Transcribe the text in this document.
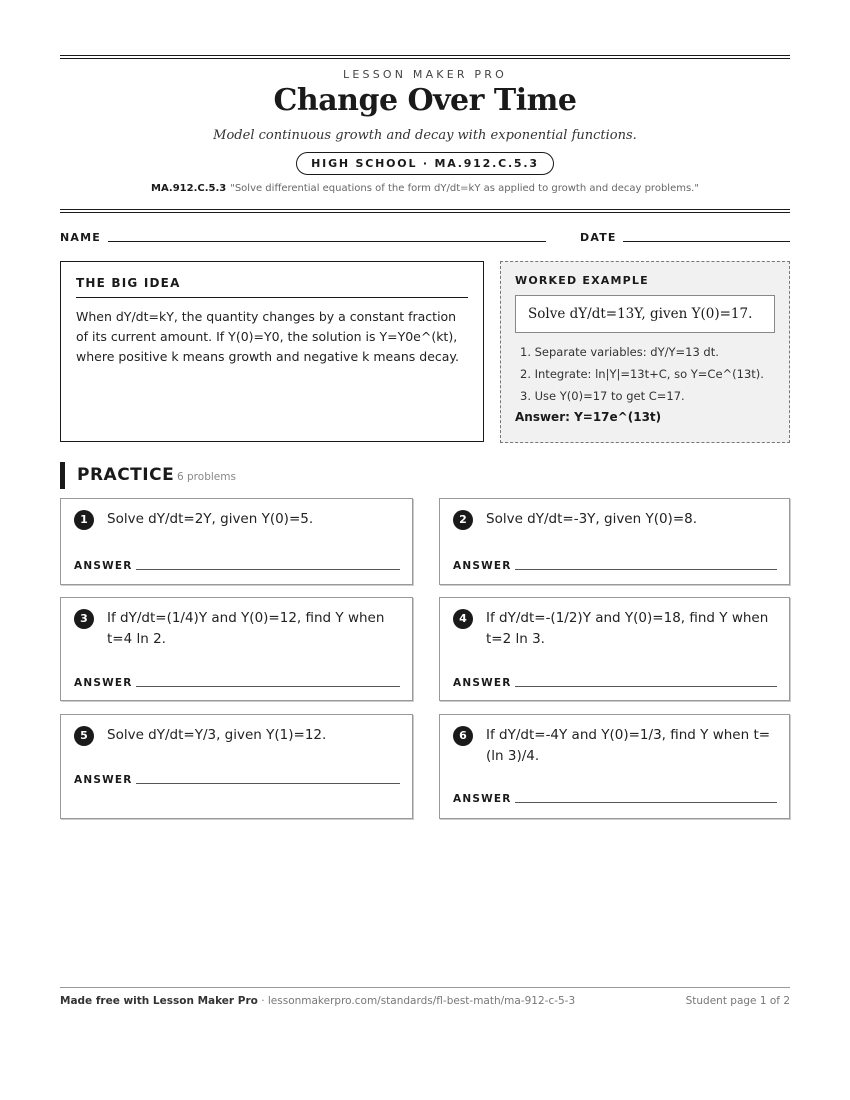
LESSON MAKER PRO
Change Over Time
Model continuous growth and decay with exponential functions.
HIGH SCHOOL · MA.912.C.5.3
MA.912.C.5.3 "Solve differential equations of the form dY/dt=kY as applied to growth and decay problems."
NAME	DATE
THE BIG IDEA
When dY/dt=kY, the quantity changes by a constant fraction of its current amount. If Y(0)=Y0, the solution is Y=Y0e^(kt), where positive k means growth and negative k means decay.
WORKED EXAMPLE
Solve dY/dt=13Y, given Y(0)=17.
1. Separate variables: dY/Y=13 dt.
2. Integrate: ln|Y|=13t+C, so Y=Ce^(13t).
3. Use Y(0)=17 to get C=17.
Answer: Y=17e^(13t)
PRACTICE 6 problems
1	Solve dY/dt=2Y, given Y(0)=5.
ANSWER
2	Solve dY/dt=-3Y, given Y(0)=8.
ANSWER
3	If dY/dt=(1/4)Y and Y(0)=12, find Y when t=4 ln 2.
ANSWER
4	If dY/dt=-(1/2)Y and Y(0)=18, find Y when t=2 ln 3.
ANSWER
5	Solve dY/dt=Y/3, given Y(1)=12.
ANSWER
6	If dY/dt=-4Y and Y(0)=1/3, find Y when t=(ln 3)/4.
ANSWER
Made free with Lesson Maker Pro · lessonmakerpro.com/standards/fl-best-math/ma-912-c-5-3	Student page 1 of 2
